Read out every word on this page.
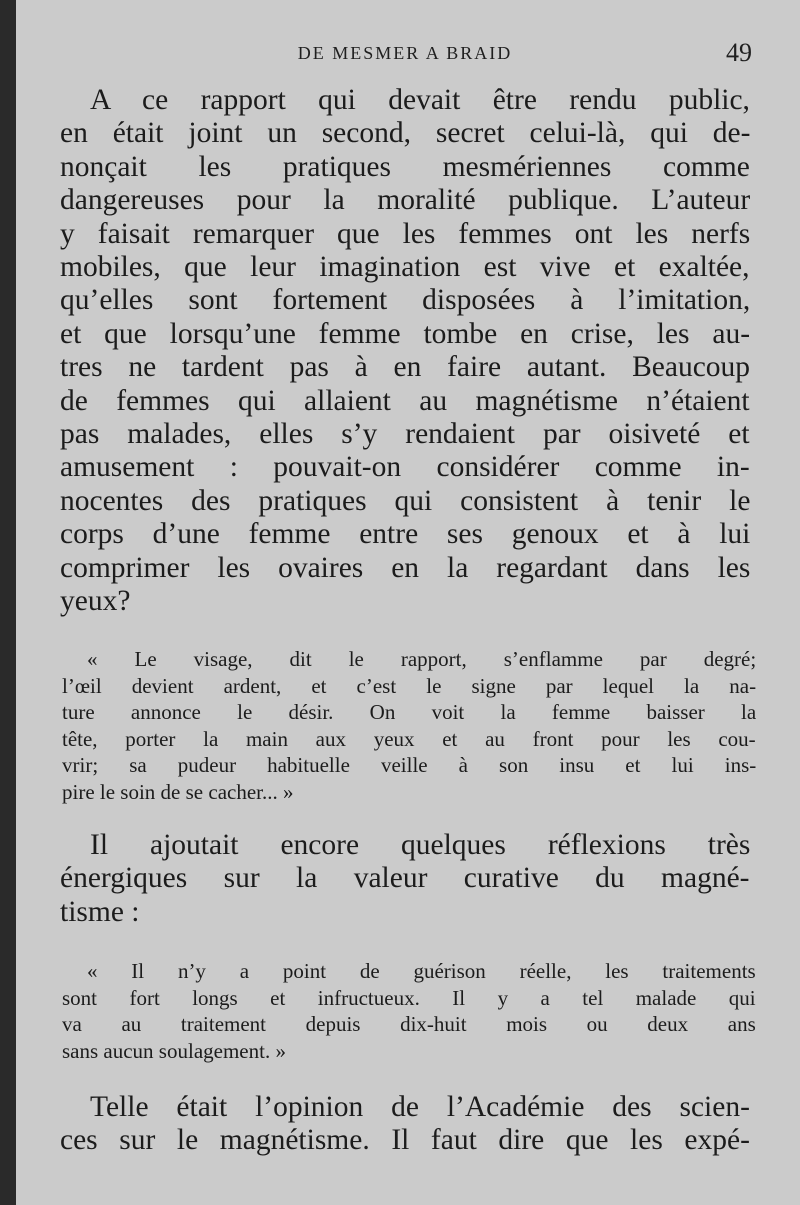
DE MESMER A BRAID	49
A ce rapport qui devait être rendu public,
en était joint un second, secret celui-là, qui de-
nonçait les pratiques mesmériennes comme
dangereuses pour la moralité publique. L’auteur
y faisait remarquer que les femmes ont les nerfs
mobiles, que leur imagination est vive et exaltée,
qu’elles sont fortement disposées à l’imitation,
et que lorsqu’une femme tombe en crise, les au-
tres ne tardent pas à en faire autant. Beaucoup
de femmes qui allaient au magnétisme n’étaient
pas malades, elles s’y rendaient par oisiveté et
amusement : pouvait-on considérer comme in-
nocentes des pratiques qui consistent à tenir le
corps d’une femme entre ses genoux et à lui
comprimer les ovaires en la regardant dans les
yeux?
« Le visage, dit le rapport, s’enflamme par degré;
l’œil devient ardent, et c’est le signe par lequel la na-
ture annonce le désir. On voit la femme baisser la
tête, porter la main aux yeux et au front pour les cou-
vrir; sa pudeur habituelle veille à son insu et lui ins-
pire le soin de se cacher... »
Il ajoutait encore quelques réflexions très
énergiques sur la valeur curative du magné-
tisme :
« Il n’y a point de guérison réelle, les traitements
sont fort longs et infructueux. Il y a tel malade qui
va au traitement depuis dix-huit mois ou deux ans
sans aucun soulagement. »
Telle était l’opinion de l’Académie des scien-
ces sur le magnétisme. Il faut dire que les expé-
